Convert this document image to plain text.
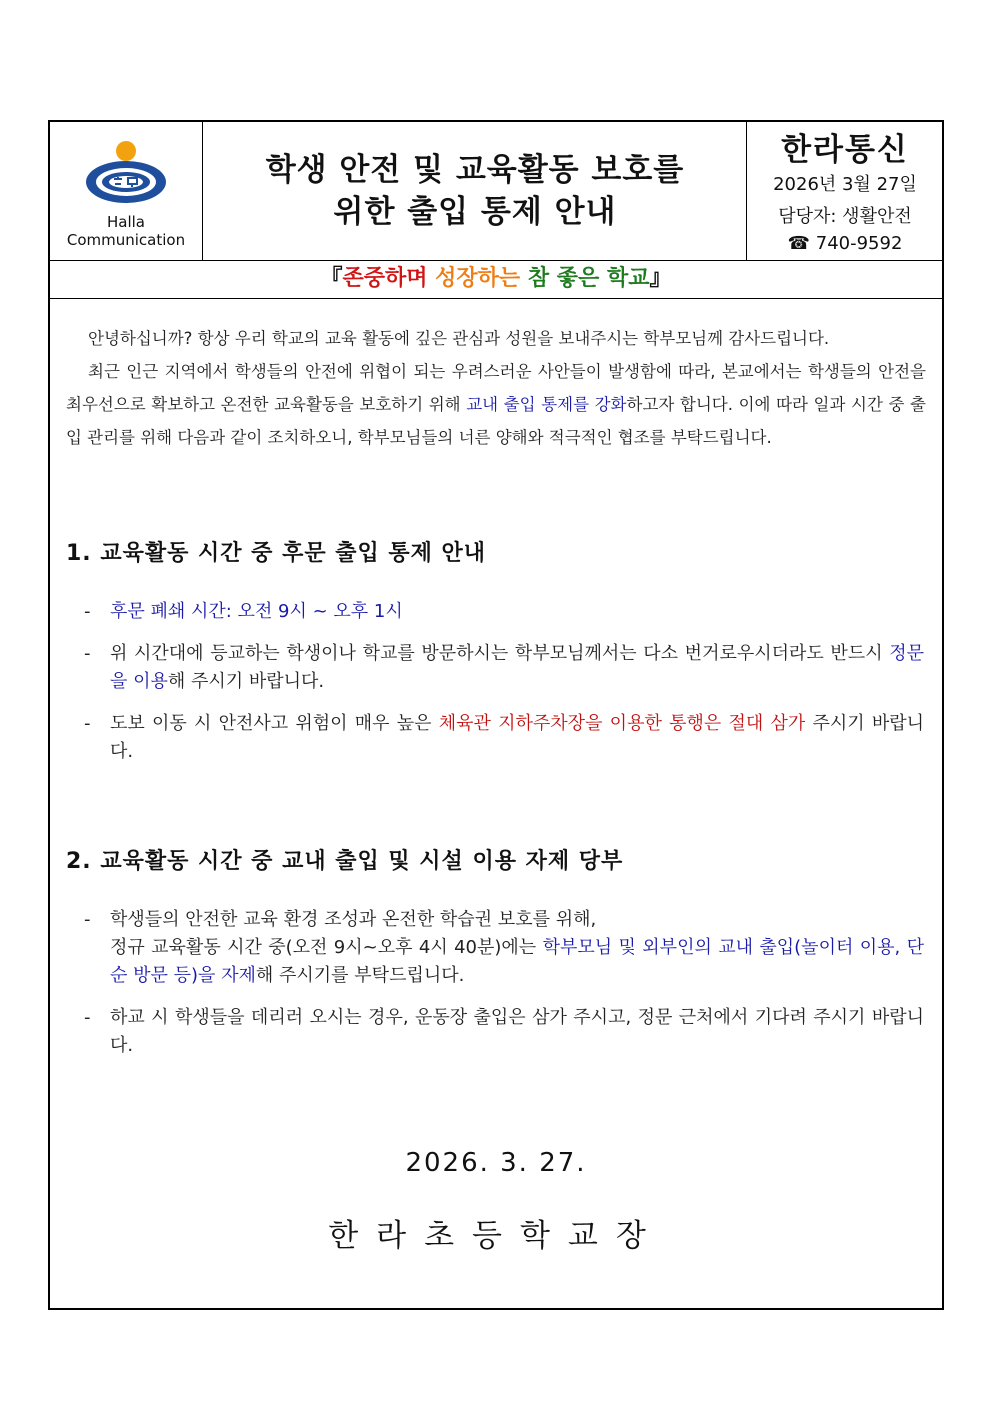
Halla
Communication
학생 안전 및 교육활동 보호를
위한 출입 통제 안내
한라통신
2026년 3월 27일
담당자: 생활안전
☎ 740-9592
『존중하며 성장하는 참 좋은 학교』

안녕하십니까? 항상 우리 학교의 교육 활동에 깊은 관심과 성원을 보내주시는 학부모님께 감사드립니다.

최근 인근 지역에서 학생들의 안전에 위협이 되는 우려스러운 사안들이 발생함에 따라, 본교에서는 학생들의 안전을 최우선으로 확보하고 온전한 교육활동을 보호하기 위해 교내 출입 통제를 강화하고자 합니다. 이에 따라 일과 시간 중 출입 관리를 위해 다음과 같이 조치하오니, 학부모님들의 너른 양해와 적극적인 협조를 부탁드립니다.

1. 교육활동 시간 중 후문 출입 통제 안내
- 후문 폐쇄 시간: 오전 9시 ~ 오후 1시
- 위 시간대에 등교하는 학생이나 학교를 방문하시는 학부모님께서는 다소 번거로우시더라도 반드시 정문을 이용해 주시기 바랍니다.
- 도보 이동 시 안전사고 위험이 매우 높은 체육관 지하주차장을 이용한 통행은 절대 삼가 주시기 바랍니다.
2. 교육활동 시간 중 교내 출입 및 시설 이용 자제 당부
- 학생들의 안전한 교육 환경 조성과 온전한 학습권 보호를 위해,
정규 교육활동 시간 중(오전 9시~오후 4시 40분)에는 학부모님 및 외부인의 교내 출입(놀이터 이용, 단순 방문 등)을 자제해 주시기를 부탁드립니다.
- 하교 시 학생들을 데리러 오시는 경우, 운동장 출입은 삼가 주시고, 정문 근처에서 기다려 주시기 바랍니다.
2026. 3. 27.
한라초등학교장
